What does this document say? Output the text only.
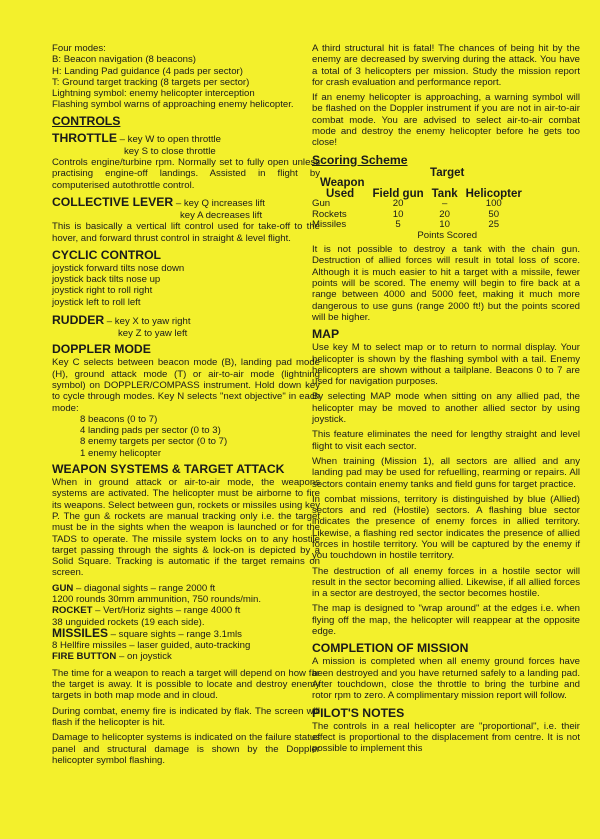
Four modes:
B: Beacon navigation (8 beacons)
H: Landing Pad guidance (4 pads per sector)
T: Ground target tracking (8 targets per sector)
Lightning symbol: enemy helicopter interception
Flashing symbol warns of approaching enemy helicopter.
CONTROLS
THROTTLE – key W to open throttle
key S to close throttle

Controls engine/turbine rpm. Normally set to fully open unless practising engine-off landings. Assisted in flight by computerised autothrottle control.

COLLECTIVE LEVER – key Q increases lift
key A decreases lift

This is basically a vertical lift control used for take-off to the hover, and forward thrust control in straight & level flight.

CYCLIC CONTROL
joystick forward tilts nose down
joystick back tilts nose up
joystick right to roll right
joystick left to roll left
RUDDER – key X to yaw right
key Z to yaw left
DOPPLER MODE

Key C selects between beacon mode (B), landing pad mode (H), ground attack mode (T) or air-to-air mode (lightning symbol) on DOPPLER/COMPASS instrument. Hold down key to cycle through modes. Key N selects "next objective" in each mode:

8 beacons (0 to 7)
4 landing pads per sector (0 to 3)
8 enemy targets per sector (0 to 7)
1 enemy helicopter
WEAPON SYSTEMS & TARGET ATTACK

When in ground attack or air-to-air mode, the weapons systems are activated. The helicopter must be airborne to fire its weapons. Select between gun, rockets or missiles using key P. The gun & rockets are manual tracking only i.e. the target must be in the sights when the weapon is launched or for the TADS to operate. The missile system locks on to any hostile target passing through the sights & lock-on is depicted by a Solid Square. Tracking is automatic if the target remains on screen.

GUN – diagonal sights – range 2000 ft
1200 rounds 30mm ammunition, 750 rounds/min.
ROCKET – Vert/Horiz sights – range 4000 ft
38 unguided rockets (19 each side).
MISSILES – square sights – range 3.1mls
8 Hellfire missiles – laser guided, auto-tracking
FIRE BUTTON – on joystick

The time for a weapon to reach a target will depend on how far the target is away. It is possible to locate and destroy enemy targets in both map mode and in cloud.

During combat, enemy fire is indicated by flak. The screen will flash if the helicopter is hit.

Damage to helicopter systems is indicated on the failure status panel and structural damage is shown by the Doppler helicopter symbol flashing.

A third structural hit is fatal! The chances of being hit by the enemy are decreased by swerving during the attack. You have a total of 3 helicopters per mission. Study the mission report for crash evaluation and performance report.

If an enemy helicopter is approaching, a warning symbol will be flashed on the Doppler instrument if you are not in air-to-air combat mode. You are advised to select air-to-air combat mode and destroy the enemy helicopter before he gets too close!

Scoring Scheme
	Target		
Weapon			
Used	Field gun	Tank	Helicopter
Gun	20	–	100
Rockets	10	20	50
Missiles	5	10	25
	Points Scored		

It is not possible to destroy a tank with the chain gun. Destruction of allied forces will result in total loss of score. Although it is much easier to hit a target with a missile, fewer points will be scored. The enemy will begin to fire back at a range between 4000 and 5000 feet, making it much more dangerous to use guns (range 2000 ft!) but the points scored will be higher.

MAP

Use key M to select map or to return to normal display. Your helicopter is shown by the flashing symbol with a tail. Enemy helicopters are shown without a tailplane. Beacons 0 to 7 are used for navigation purposes.

By selecting MAP mode when sitting on any allied pad, the helicopter may be moved to another allied sector by using joystick.

This feature eliminates the need for lengthy straight and level flight to visit each sector.

When training (Mission 1), all sectors are allied and any landing pad may be used for refuelling, rearming or repairs. All sectors contain enemy tanks and field guns for target practice.

In combat missions, territory is distinguished by blue (Allied) sectors and red (Hostile) sectors. A flashing blue sector indicates the presence of enemy forces in allied territory. Likewise, a flashing red sector indicates the presence of allied forces in hostile territory. You will be captured by the enemy if you touchdown in hostile territory.

The destruction of all enemy forces in a hostile sector will result in the sector becoming allied. Likewise, if all allied forces in a sector are destroyed, the sector becomes hostile.

The map is designed to "wrap around" at the edges i.e. when flying off the map, the helicopter will reappear at the opposite edge.

COMPLETION OF MISSION

A mission is completed when all enemy ground forces have been destroyed and you have returned safely to a landing pad. After touchdown, close the throttle to bring the turbine and rotor rpm to zero. A complimentary mission report will follow.

PILOT'S NOTES

The controls in a real helicopter are "proportional", i.e. their effect is proportional to the displacement from centre. It is not possible to implement this
